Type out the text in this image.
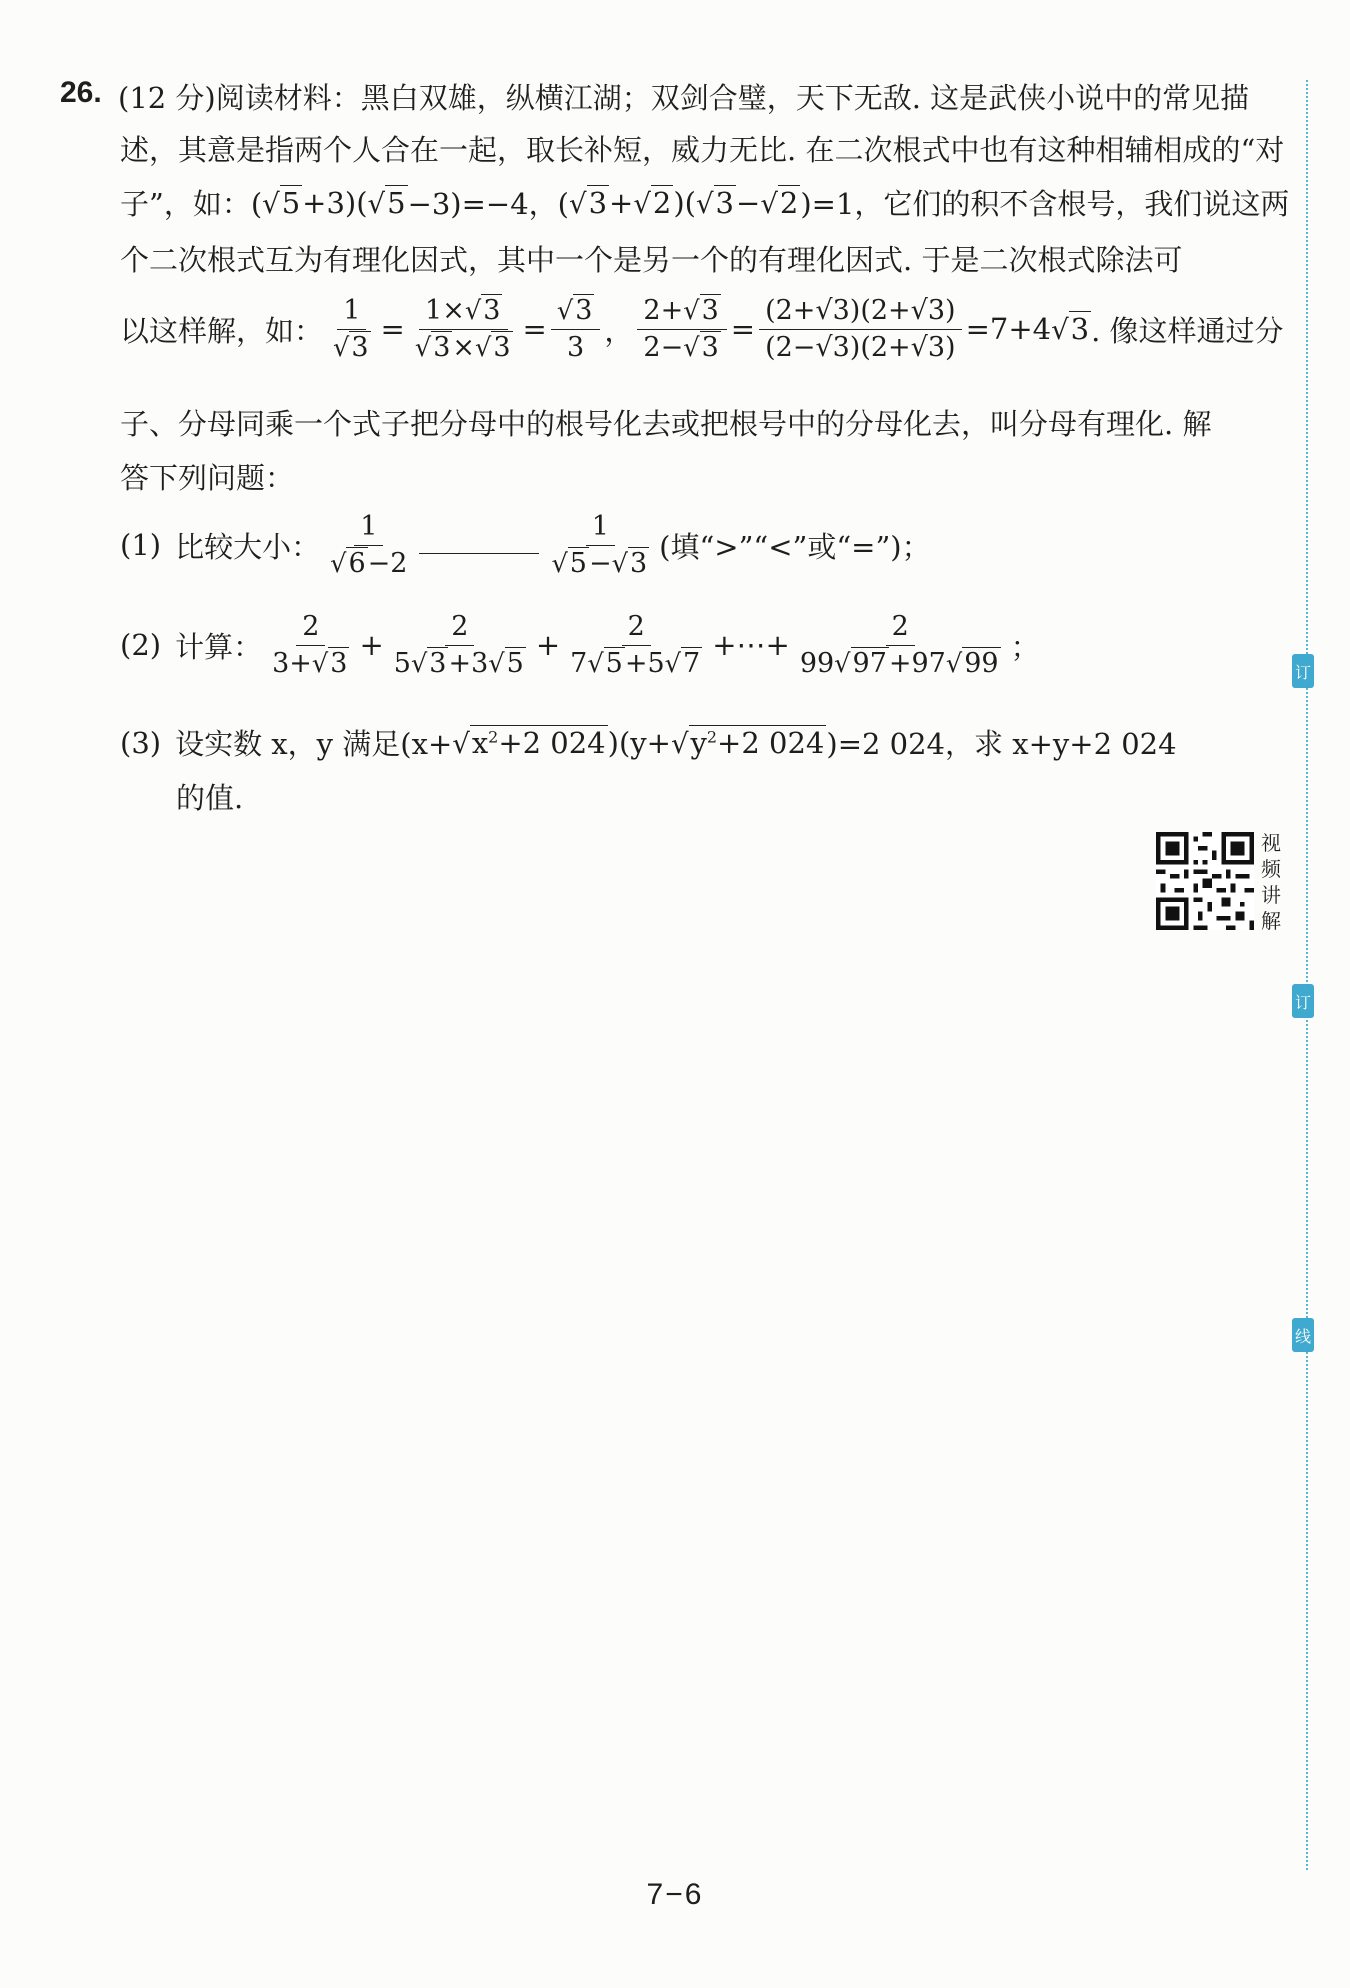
26. (12 分)阅读材料：黑白双雄，纵横江湖；双剑合璧，天下无敌. 这是武侠小说中的常见描
述，其意是指两个人合在一起，取长补短，威力无比. 在二次根式中也有这种相辅相成的“对
子”，如：( √5 +3)( √5 −3)=−4，( √3 + √2 )( √3 − √2 )=1，它们的积不含根号，我们说这两
个二次根式互为有理化因式，其中一个是另一个的有理化因式. 于是二次根式除法可
以这样解，如： $\frac{1}{√3} = \frac{1\times√3}{√3\times√3} = \frac{√3}{3}$ ， $\frac{2+√3}{2-√3} = \frac{(2+√3)(2+√3)}{(2-√3)(2+√3)} =7+4$ √3 . 像这样通过分
子、分母同乘一个式子把分母中的根号化去或把根号中的分母化去，叫分母有理化. 解
答下列问题：
(1) 比较大小： $\frac{1}{√6-2}$	$\frac{1}{√5-√3}$ (填“>”“<”或“=”)；
(2) 计算： $\frac{2}{3+√3} + \frac{2}{5√3+3√5} + \frac{2}{7√5+5√7}$ +⋯+ $\frac{2}{99√97+97√99}$ ；
(3) 设实数 x，y 满足($x+ √x^2+2$ 024 )($y+ √y^2+2$ 024 )=2 024，求 x+y+2 024
的值.
视
频
讲
解
订
订
线
7−6
